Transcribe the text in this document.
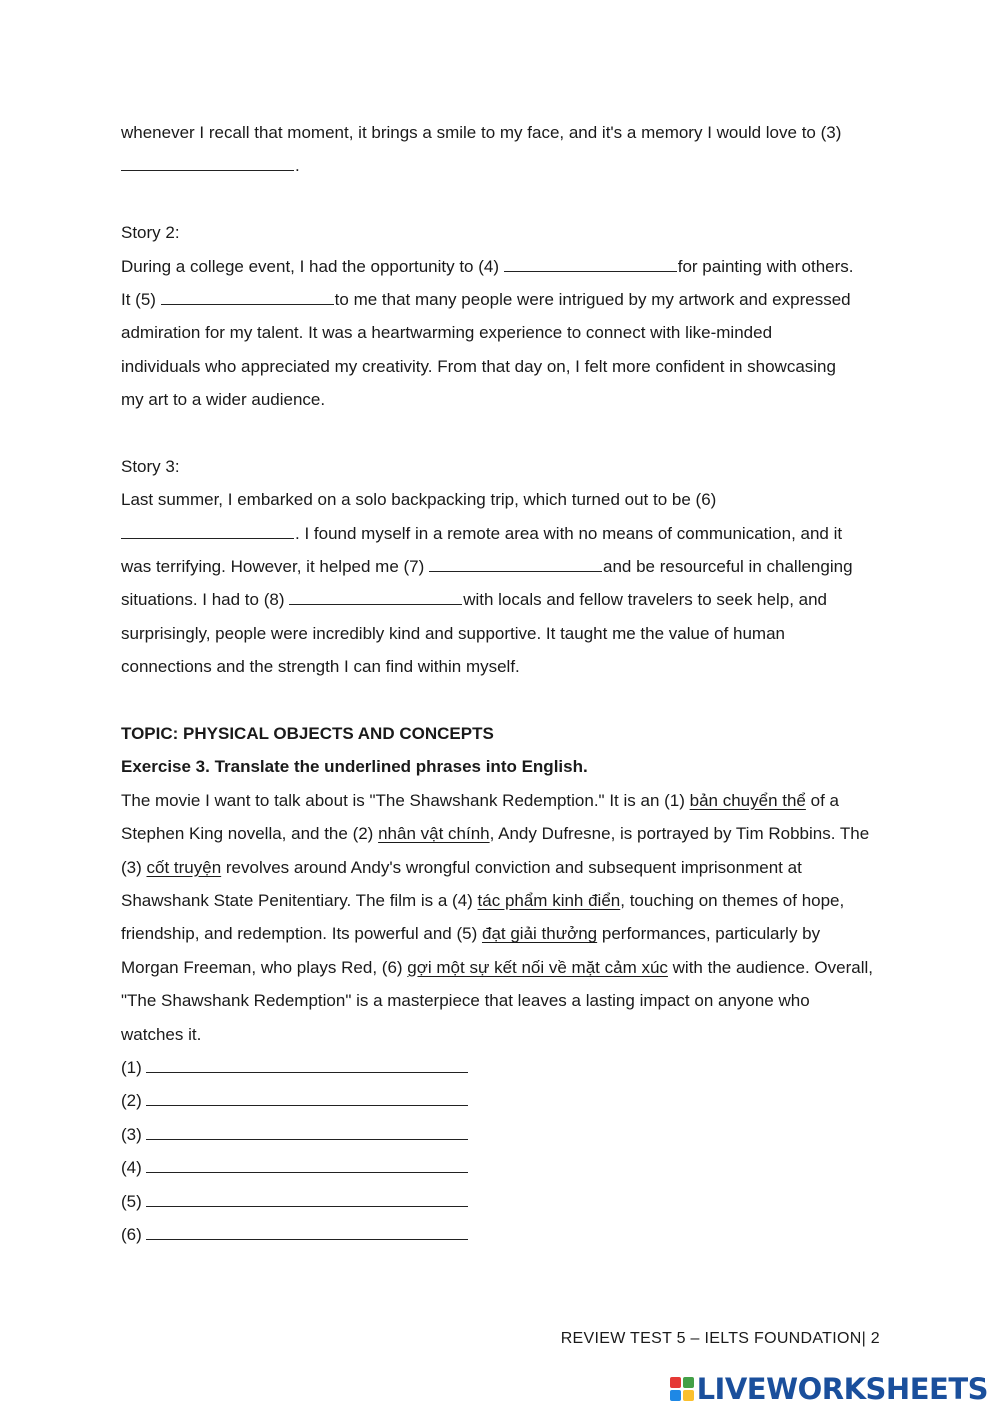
whenever I recall that moment, it brings a smile to my face, and it's a memory I would love to (3)
.
Story 2:
During a college event, I had the opportunity to (4)	for painting with others.
It (5)	to me that many people were intrigued by my artwork and expressed
admiration for my talent. It was a heartwarming experience to connect with like-minded
individuals who appreciated my creativity. From that day on, I felt more confident in showcasing
my art to a wider audience.
Story 3:
Last summer, I embarked on a solo backpacking trip, which turned out to be (6)
. I found myself in a remote area with no means of communication, and it
was terrifying. However, it helped me (7)	and be resourceful in challenging
situations. I had to (8)	with locals and fellow travelers to seek help, and
surprisingly, people were incredibly kind and supportive. It taught me the value of human
connections and the strength I can find within myself.
TOPIC: PHYSICAL OBJECTS AND CONCEPTS
Exercise 3. Translate the underlined phrases into English.
The movie I want to talk about is "The Shawshank Redemption." It is an (1) bản chuyển thể of a
Stephen King novella, and the (2) nhân vật chính, Andy Dufresne, is portrayed by Tim Robbins. The
(3) cốt truyện revolves around Andy's wrongful conviction and subsequent imprisonment at
Shawshank State Penitentiary. The film is a (4) tác phẩm kinh điển, touching on themes of hope,
friendship, and redemption. Its powerful and (5) đạt giải thưởng performances, particularly by
Morgan Freeman, who plays Red, (6) gợi một sự kết nối về mặt cảm xúc with the audience. Overall,
"The Shawshank Redemption" is a masterpiece that leaves a lasting impact on anyone who
watches it.
(1)
(2)
(3)
(4)
(5)
(6)
REVIEW TEST 5 – IELTS FOUNDATION| 2
LIVEWORKSHEETS
